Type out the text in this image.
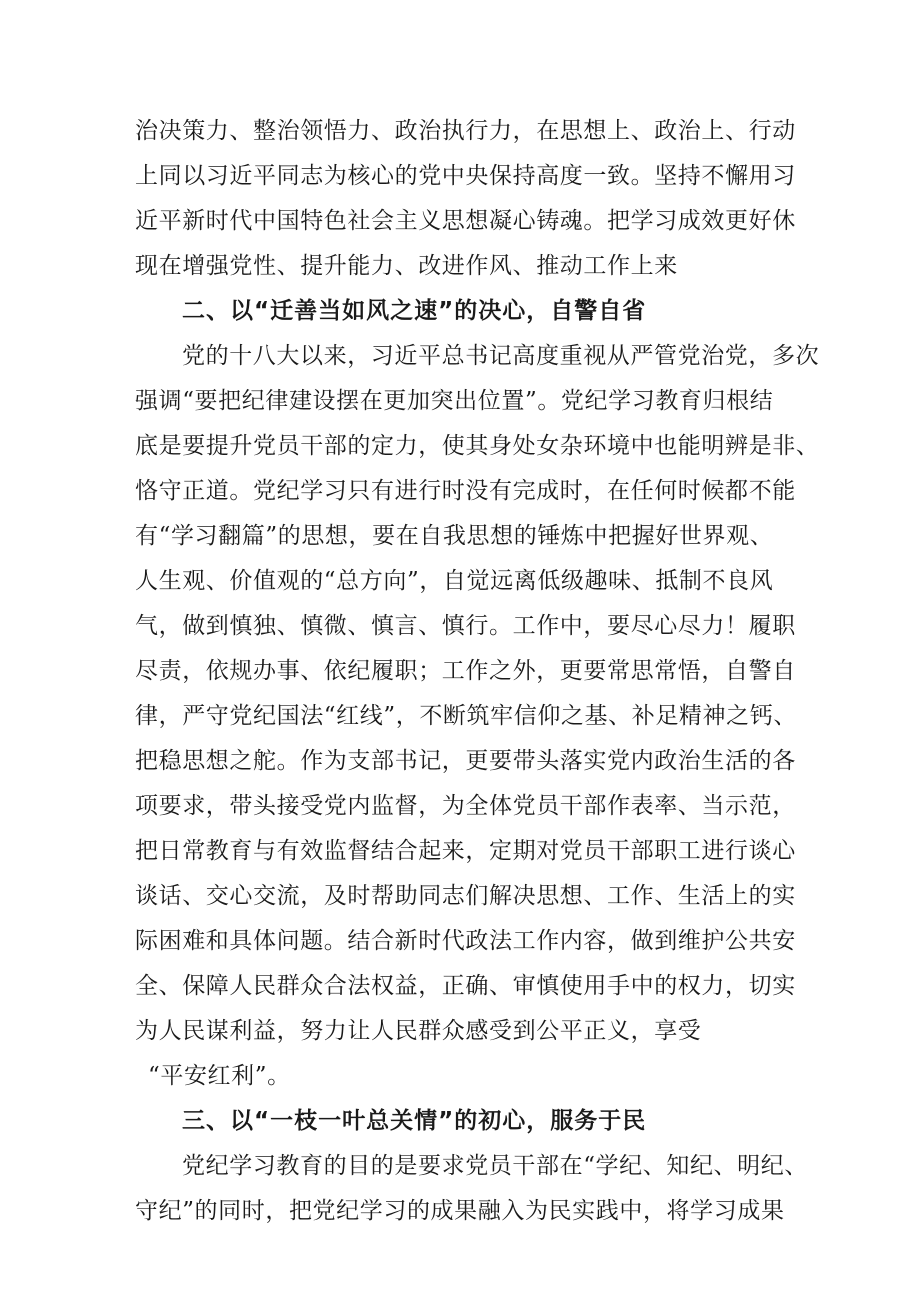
治决策力、整治领悟力、政治执行力，在思想上、政治上、行动
上同以习近平同志为核心的党中央保持高度一致。坚持不懈用习
近平新时代中国特色社会主义思想凝心铸魂。把学习成效更好休
现在增强党性、提升能力、改进作风、推动工作上来
二、以“迁善当如风之速”的决心，自警自省
党的十八大以来，习近平总书记高度重视从严管党治党，多次
强调“要把纪律建设摆在更加突出位置”。党纪学习教育归根结
底是要提升党员干部的定力，使其身处女杂环境中也能明辨是非、
恪守正道。党纪学习只有进行时没有完成时，在任何时候都不能
有“学习翻篇”的思想，要在自我思想的锤炼中把握好世界观、
人生观、价值观的“总方向”，自觉远离低级趣味、抵制不良风
气，做到慎独、慎微、慎言、慎行。工作中，要尽心尽力！履职
尽责，依规办事、依纪履职；工作之外，更要常思常悟，自警自
律，严守党纪国法“红线”，不断筑牢信仰之基、补足精神之钙、
把稳思想之舵。作为支部书记，更要带头落实党内政治生活的各
项要求，带头接受党内监督，为全体党员干部作表率、当示范，
把日常教育与有效监督结合起来，定期对党员干部职工进行谈心
谈话、交心交流，及时帮助同志们解决思想、工作、生活上的实
际困难和具体问题。结合新时代政法工作内容，做到维护公共安
全、保障人民群众合法权益，正确、审慎使用手中的权力，切实
为人民谋利益，努力让人民群众感受到公平正义，享受
“平安红利”。
三、以“一枝一叶总关情”的初心，服务于民
党纪学习教育的目的是要求党员干部在“学纪、知纪、明纪、
守纪”的同时，把党纪学习的成果融入为民实践中，将学习成果
